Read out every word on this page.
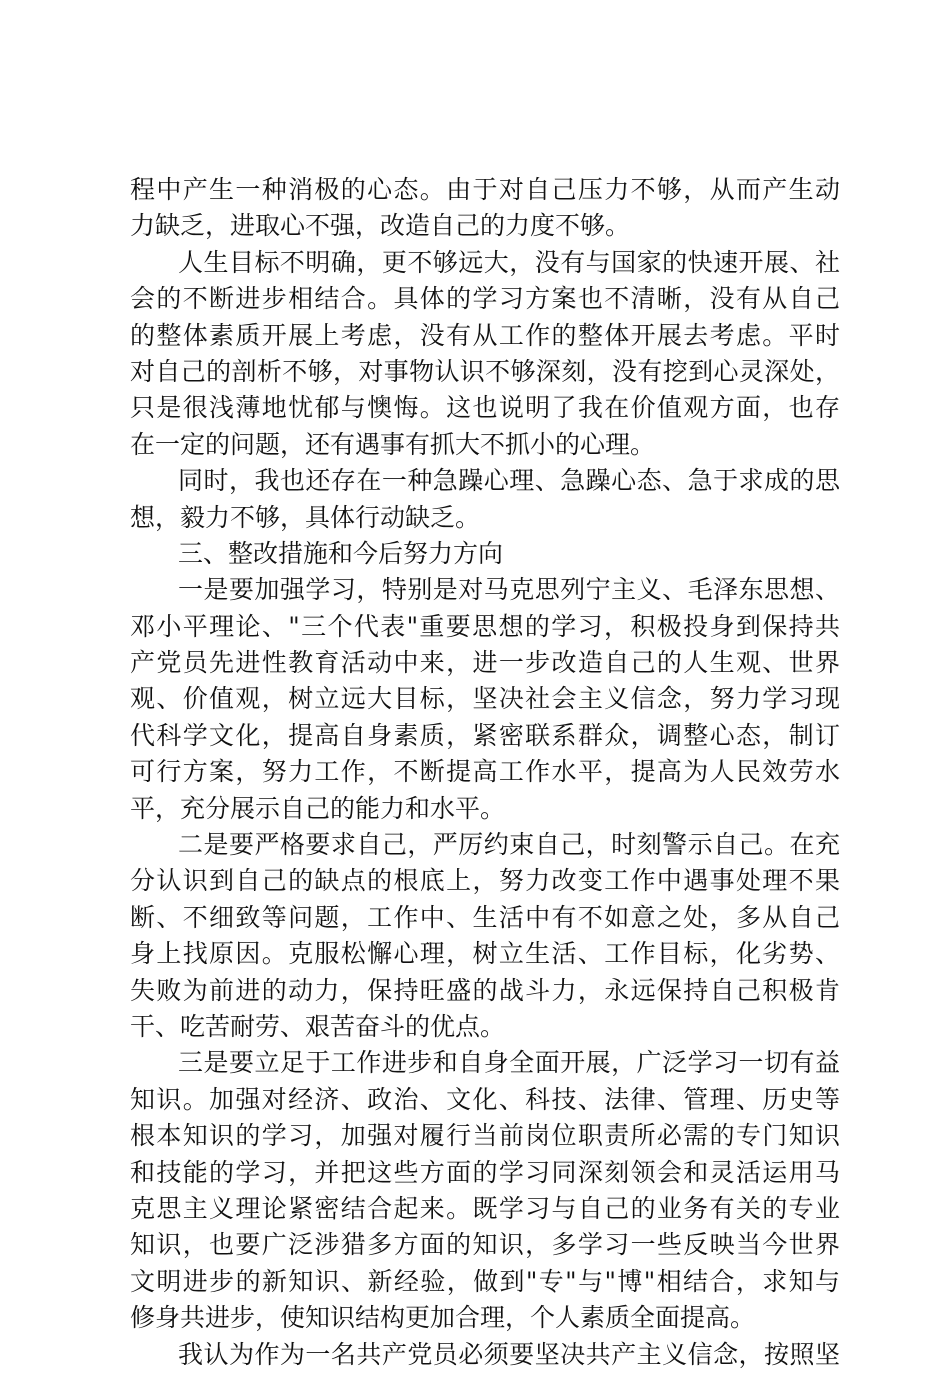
程中产生一种消极的心态。由于对自己压力不够，从而产生动
力缺乏，进取心不强，改造自己的力度不够。
人生目标不明确，更不够远大，没有与国家的快速开展、社
会的不断进步相结合。具体的学习方案也不清晰，没有从自己
的整体素质开展上考虑，没有从工作的整体开展去考虑。平时
对自己的剖析不够，对事物认识不够深刻，没有挖到心灵深处，
只是很浅薄地忧郁与懊悔。这也说明了我在价值观方面，也存
在一定的问题，还有遇事有抓大不抓小的心理。
同时，我也还存在一种急躁心理、急躁心态、急于求成的思
想，毅力不够，具体行动缺乏。
三、整改措施和今后努力方向
一是要加强学习，特别是对马克思列宁主义、毛泽东思想、
邓小平理论、"三个代表"重要思想的学习，积极投身到保持共
产党员先进性教育活动中来，进一步改造自己的人生观、世界
观、价值观，树立远大目标，坚决社会主义信念，努力学习现
代科学文化，提高自身素质，紧密联系群众，调整心态，制订
可行方案，努力工作，不断提高工作水平，提高为人民效劳水
平，充分展示自己的能力和水平。
二是要严格要求自己，严厉约束自己，时刻警示自己。在充
分认识到自己的缺点的根底上，努力改变工作中遇事处理不果
断、不细致等问题，工作中、生活中有不如意之处，多从自己
身上找原因。克服松懈心理，树立生活、工作目标，化劣势、
失败为前进的动力，保持旺盛的战斗力，永远保持自己积极肯
干、吃苦耐劳、艰苦奋斗的优点。
三是要立足于工作进步和自身全面开展，广泛学习一切有益
知识。加强对经济、政治、文化、科技、法律、管理、历史等
根本知识的学习，加强对履行当前岗位职责所必需的专门知识
和技能的学习，并把这些方面的学习同深刻领会和灵活运用马
克思主义理论紧密结合起来。既学习与自己的业务有关的专业
知识，也要广泛涉猎多方面的知识，多学习一些反映当今世界
文明进步的新知识、新经验，做到"专"与"博"相结合，求知与
修身共进步，使知识结构更加合理，个人素质全面提高。
我认为作为一名共产党员必须要坚决共产主义信念，按照坚
